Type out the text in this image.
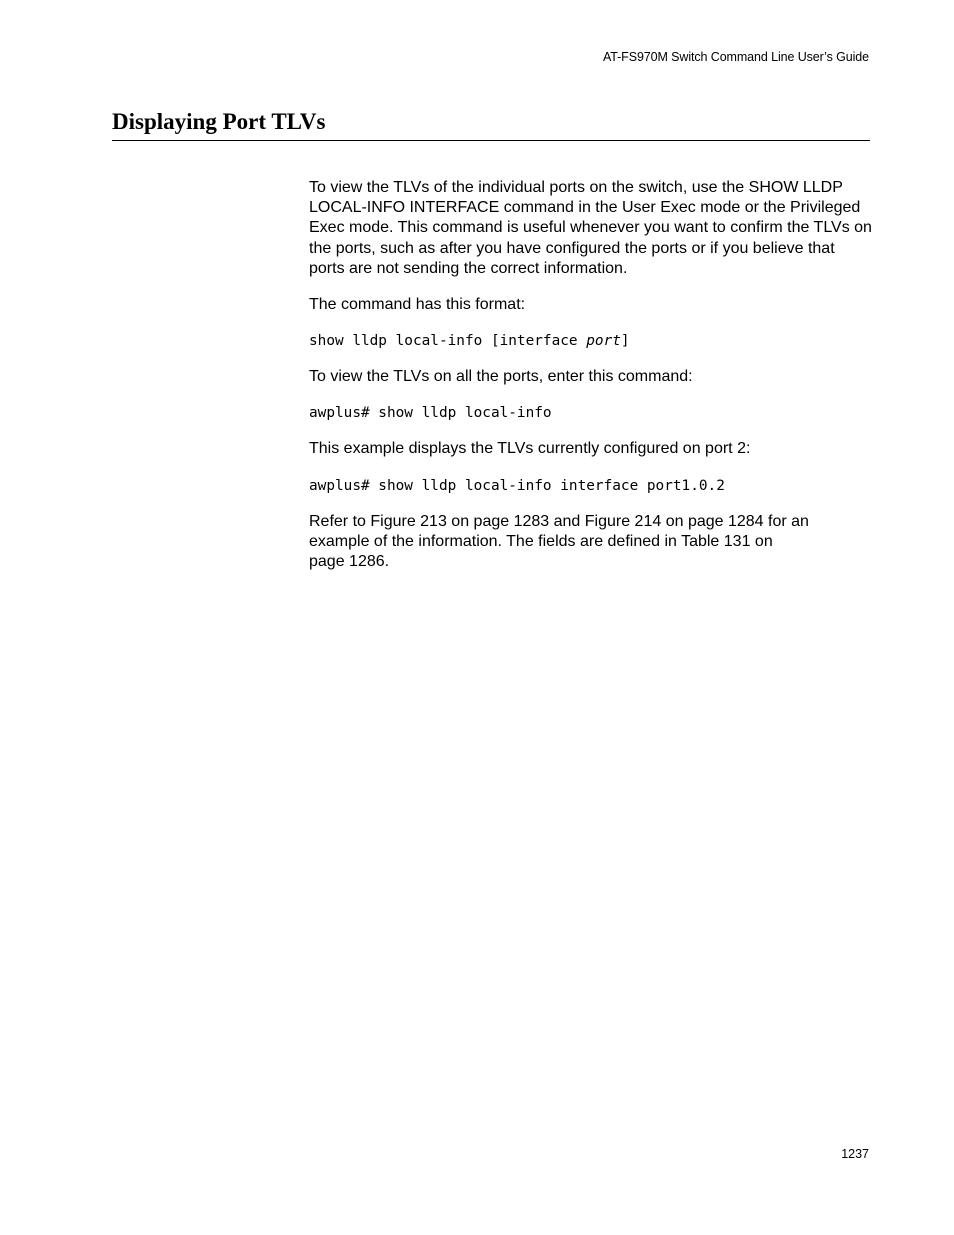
AT-FS970M Switch Command Line User’s Guide
Displaying Port TLVs

To view the TLVs of the individual ports on the switch, use the SHOW LLDP LOCAL-INFO INTERFACE command in the User Exec mode or the Privileged Exec mode. This command is useful whenever you want to confirm the TLVs on the ports, such as after you have configured the ports or if you believe that ports are not sending the correct information.

The command has this format:

show lldp local-info [interface port]

To view the TLVs on all the ports, enter this command:

awplus# show lldp local-info

This example displays the TLVs currently configured on port 2:

awplus# show lldp local-info interface port1.0.2

Refer to Figure 213 on page 1283 and Figure 214 on page 1284 for an
example of the information. The fields are defined in Table 131 on
page 1286.

1237
